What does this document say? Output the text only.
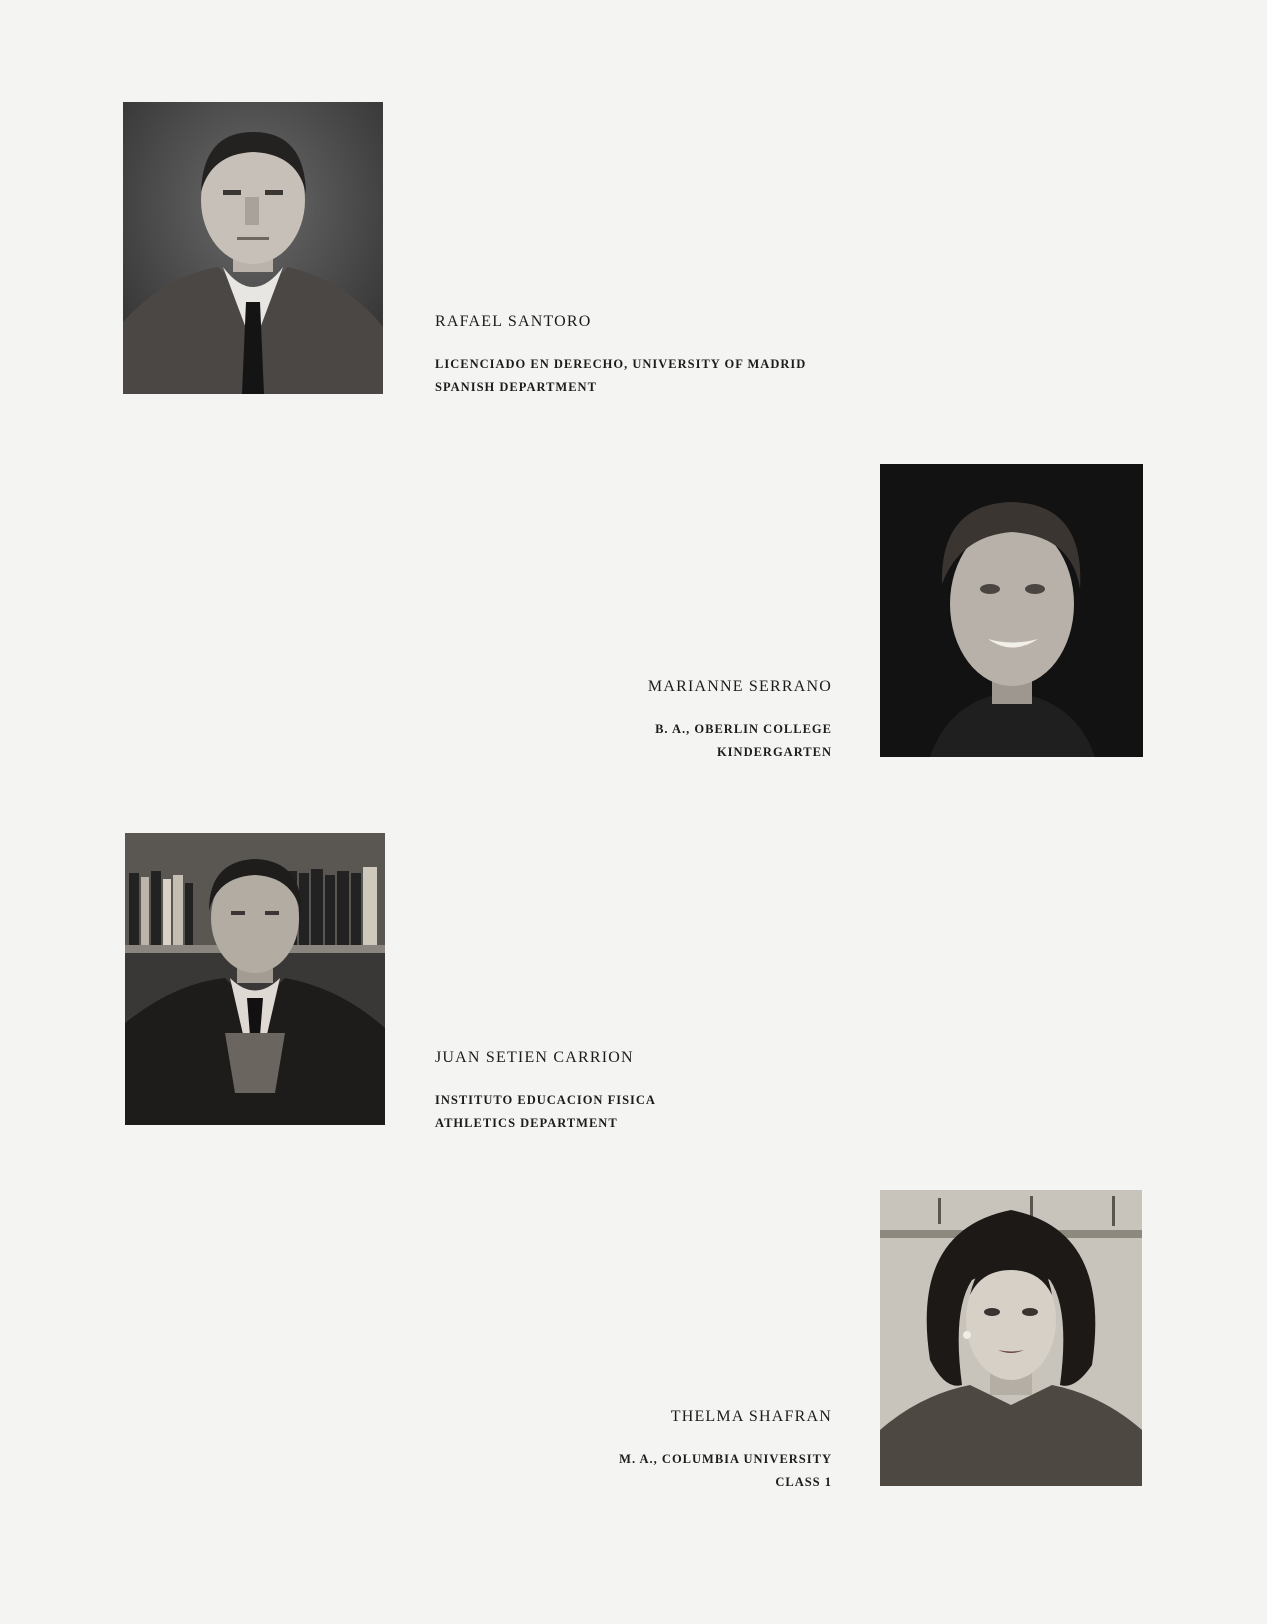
RAFAEL SANTORO

LICENCIADO EN DERECHO, UNIVERSITY OF MADRID

SPANISH DEPARTMENT

MARIANNE SERRANO

B. A., OBERLIN COLLEGE

KINDERGARTEN

JUAN SETIEN CARRION

INSTITUTO EDUCACION FISICA

ATHLETICS DEPARTMENT

THELMA SHAFRAN

M. A., COLUMBIA UNIVERSITY

CLASS 1
